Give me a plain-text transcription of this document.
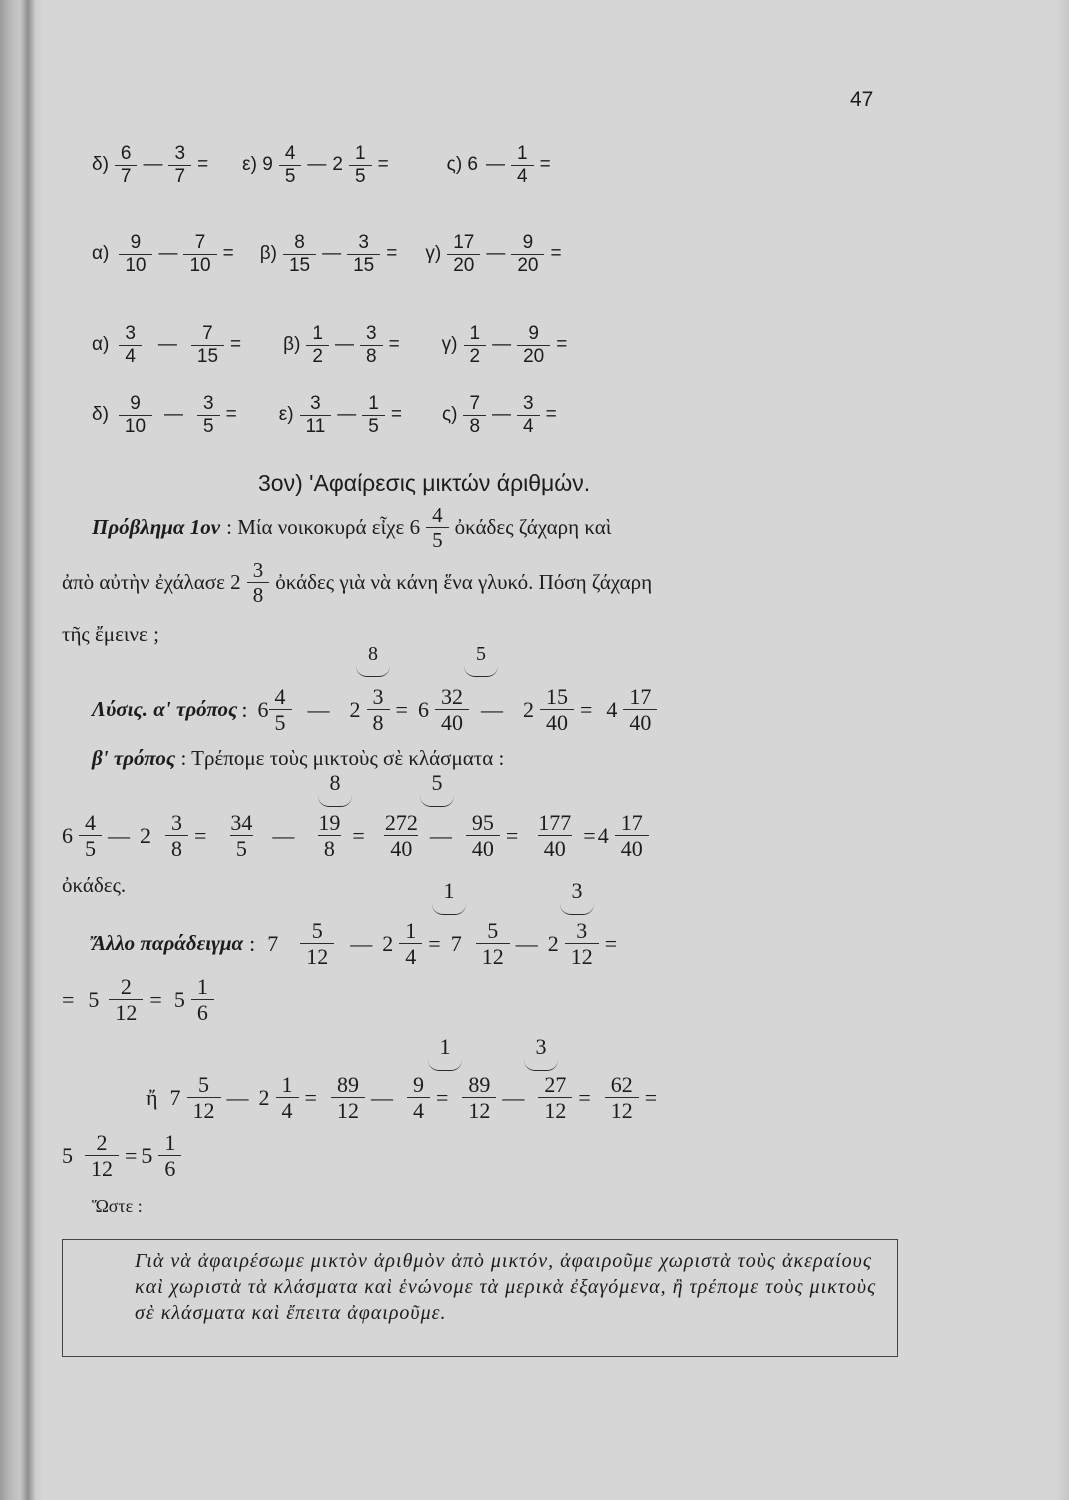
47
$\delta) \frac{6}{7}$ — $\frac{3}{7} = \varepsilon$) $9 \frac{4}{5}$ — $2 \frac{1}{5}$ =	ς) 6 — $\frac{1}{4}$ =
$\alpha) \frac{9}{10}$ — $\frac{7}{10} = \beta) \frac{8}{15}$ — $\frac{3}{15} = \gamma) \frac{17}{20}$ — $\frac{9}{20}$ =
$\alpha) \frac{3}{4}$ — $\frac{7}{15} = \beta) \frac{1}{2}$ — $\frac{3}{8} = \gamma) \frac{1}{2}$ — $\frac{9}{20}$ =
$\delta) \frac{9}{10}$ — $\frac{3}{5} = \varepsilon) \frac{3}{11}$ — $\frac{1}{5} = \varsigma) \frac{7}{8}$ — $\frac{3}{4}$ =
3ον) 'Αφαίρεσις μικτών άριθμών.
Πρόβλημα 1ον : Μία νοικοκυρά εἶχε $6 \frac{4}{5}$ ὀκάδες ζάχαρη καὶ
ἀπὸ αὐτὴν ἐχάλασε $2 \frac{3}{8}$ ὀκάδες γιὰ νὰ κάνη ἕνα γλυκό. Πόση ζάχαρη
τῆς ἔμεινε ;
8	5
Λύσις. α' τρόπος : $6 \frac{4}{5}$ — $2 \frac{3}{8} = 6 \frac{32}{40}$ — $2 \frac{15}{40} = 4 \frac{17}{40}$
β' τρόπος : Τρέπομε τοὺς μικτοὺς σὲ κλάσματα :
8	5
$6 \frac{4}{5}$ — $2 \frac{3}{8} = \frac{34}{5}$ — $\frac{19}{8} = \frac{272}{40}$ — $\frac{95}{40} = \frac{177}{40} = 4 \frac{17}{40}$
ὀκάδες.	1	3
Ἄλλο παράδειγμα : $7 \frac{5}{12}$ — $2 \frac{1}{4} = 7 \frac{5}{12}$ — $2 \frac{3}{12}$ =
= $5 \frac{2}{12} = 5 \frac{1}{6}$
1	3
ἤ $7 \frac{5}{12}$ — $2 \frac{1}{4} = \frac{89}{12}$ — $\frac{9}{4} = \frac{89}{12}$ — $\frac{27}{12} = \frac{62}{12}$ =
$5 \frac{2}{12} = 5 \frac{1}{6}$
Ὥστε :
Γιὰ νὰ ἀφαιρέσωμε μικτὸν ἀριθμὸν ἀπὸ μικτόν, ἀφαιροῦμε χωριστὰ τοὺς ἀκεραίους καὶ χωριστὰ τὰ κλάσματα καὶ ἑνώνομε τὰ μερικὰ ἐξαγόμενα, ἢ τρέπομε τοὺς μικτοὺς σὲ κλάσματα καὶ ἔπειτα ἀφαιροῦμε.
